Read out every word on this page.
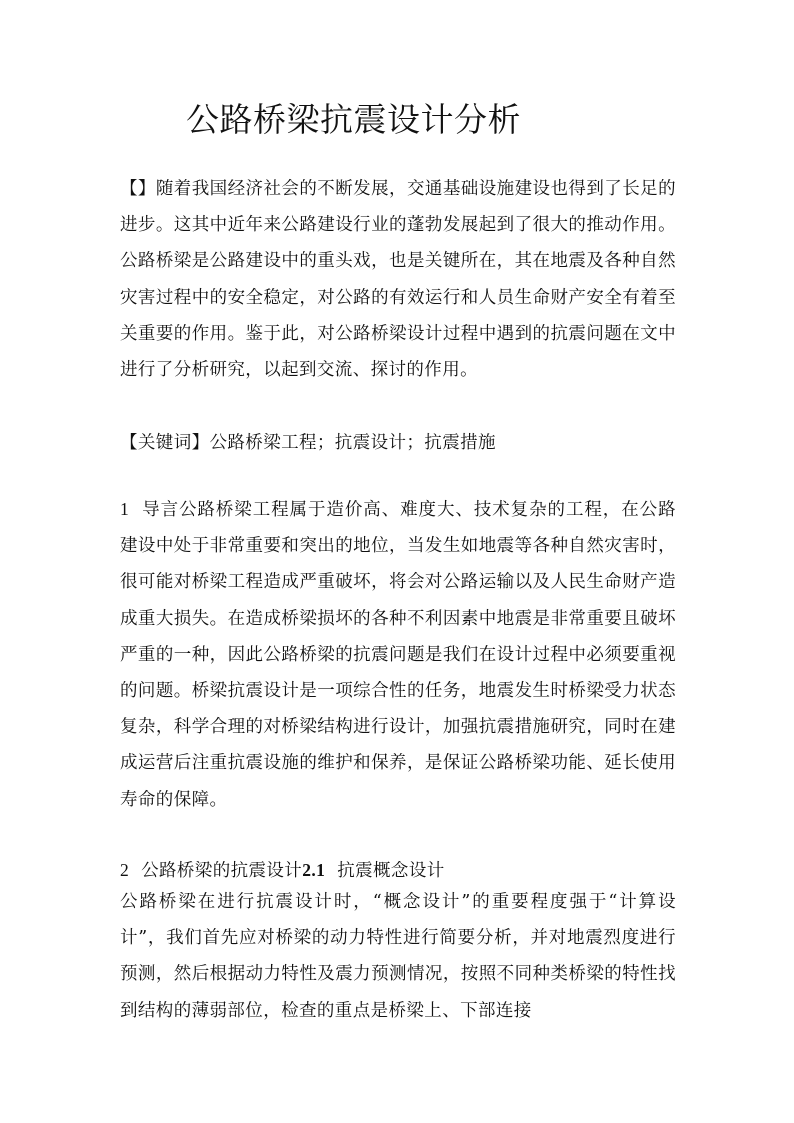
公路桥梁抗震设计分析

【】随着我国经济社会的不断发展，交通基础设施建设也得到了长足的进步。这其中近年来公路建设行业的蓬勃发展起到了很大的推动作用。公路桥梁是公路建设中的重头戏，也是关键所在，其在地震及各种自然灾害过程中的安全稳定，对公路的有效运行和人员生命财产安全有着至关重要的作用。鉴于此，对公路桥梁设计过程中遇到的抗震问题在文中进行了分析研究，以起到交流、探讨的作用。

【关键词】公路桥梁工程；抗震设计；抗震措施

1 导言公路桥梁工程属于造价高、难度大、技术复杂的工程，在公路建设中处于非常重要和突出的地位，当发生如地震等各种自然灾害时，很可能对桥梁工程造成严重破坏，将会对公路运输以及人民生命财产造成重大损失。在造成桥梁损坏的各种不利因素中地震是非常重要且破坏严重的一种，因此公路桥梁的抗震问题是我们在设计过程中必须要重视的问题。桥梁抗震设计是一项综合性的任务，地震发生时桥梁受力状态复杂，科学合理的对桥梁结构进行设计，加强抗震措施研究，同时在建成运营后注重抗震设施的维护和保养，是保证公路桥梁功能、延长使用寿命的保障。

2 公路桥梁的抗震设计2.1 抗震概念设计

公路桥梁在进行抗震设计时，“概念设计”的重要程度强于“计算设计”，我们首先应对桥梁的动力特性进行简要分析，并对地震烈度进行预测，然后根据动力特性及震力预测情况，按照不同种类桥梁的特性找到结构的薄弱部位，检查的重点是桥梁上、下部连接
